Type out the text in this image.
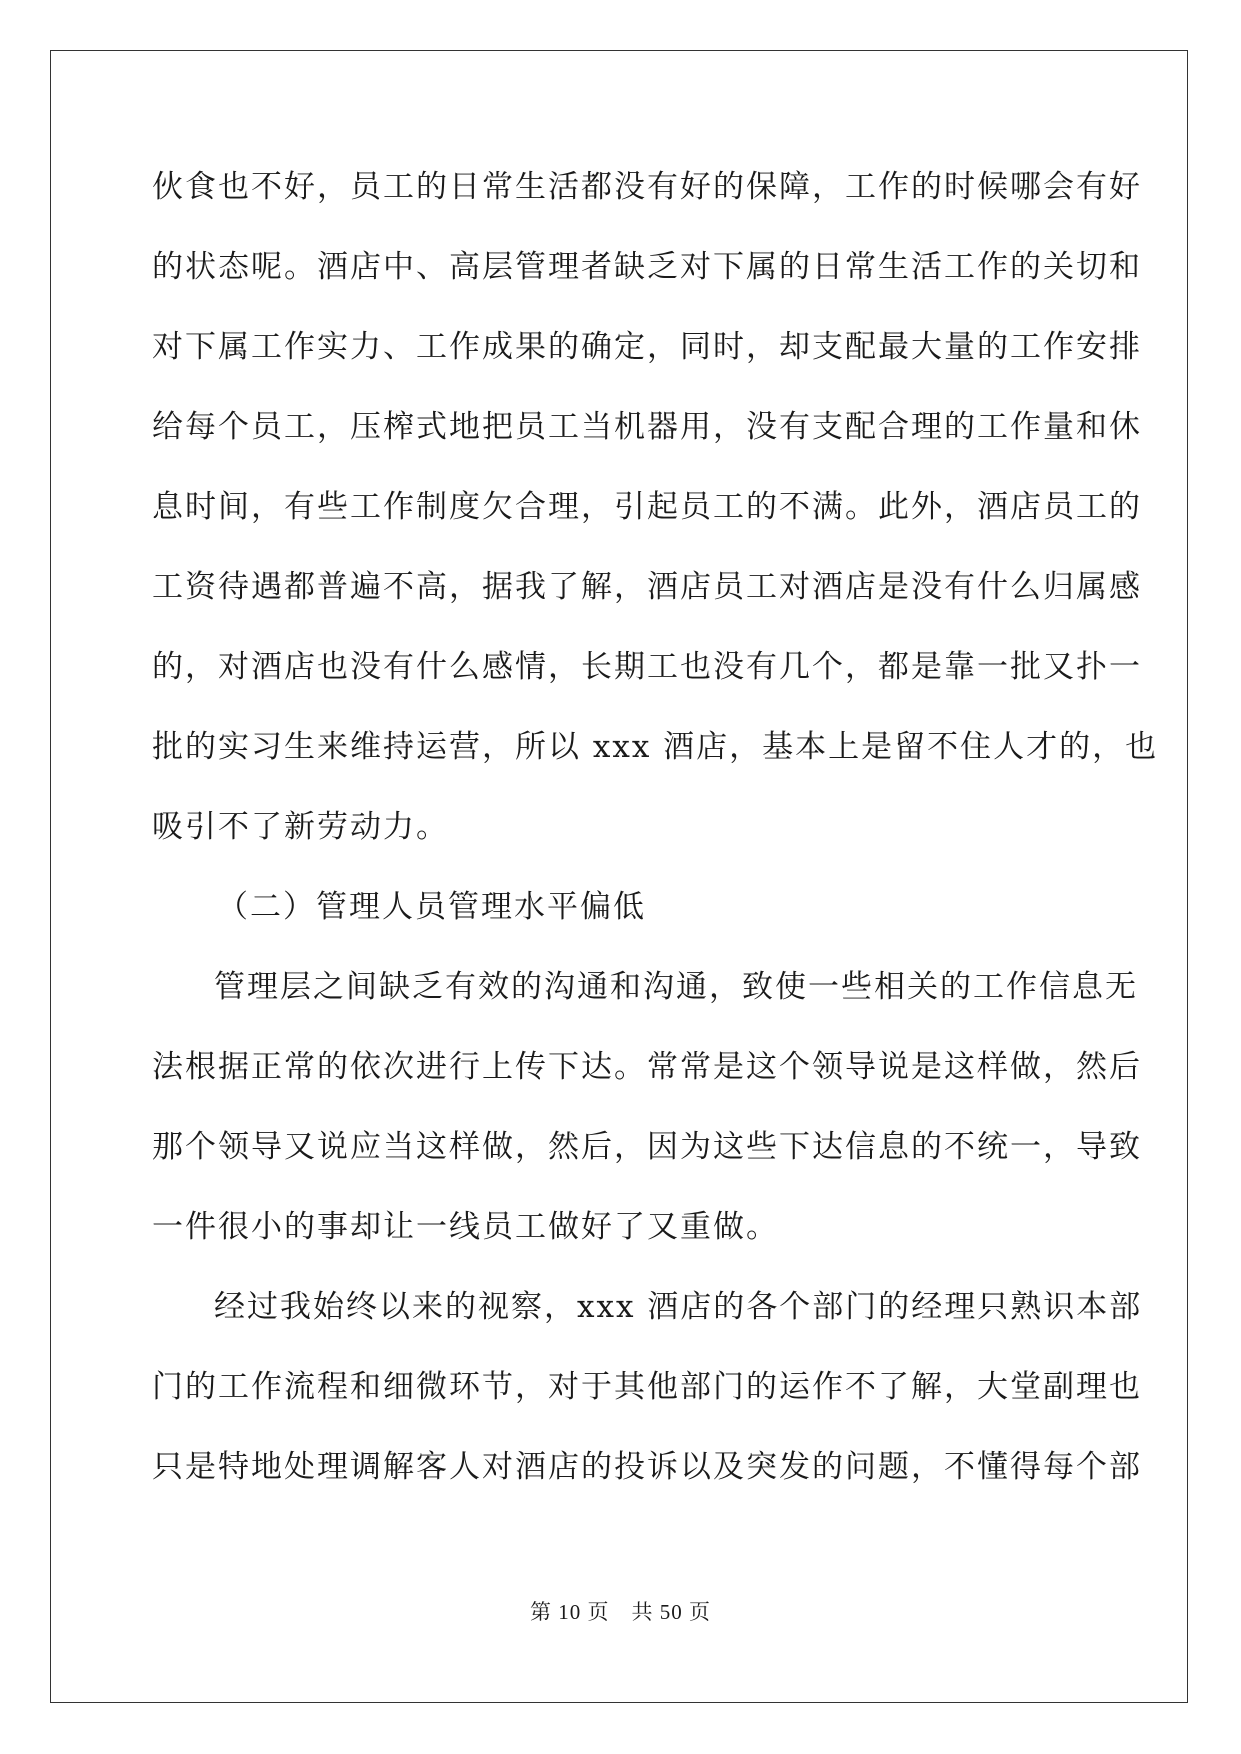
伙食也不好，员工的日常生活都没有好的保障，工作的时候哪会有好
的状态呢。酒店中、高层管理者缺乏对下属的日常生活工作的关切和
对下属工作实力、工作成果的确定，同时，却支配最大量的工作安排
给每个员工，压榨式地把员工当机器用，没有支配合理的工作量和休
息时间，有些工作制度欠合理，引起员工的不满。此外，酒店员工的
工资待遇都普遍不高，据我了解，酒店员工对酒店是没有什么归属感
的，对酒店也没有什么感情，长期工也没有几个，都是靠一批又扑一
批的实习生来维持运营，所以 xxx 酒店，基本上是留不住人才的，也
吸引不了新劳动力。
（二）管理人员管理水平偏低
管理层之间缺乏有效的沟通和沟通，致使一些相关的工作信息无
法根据正常的依次进行上传下达。常常是这个领导说是这样做，然后
那个领导又说应当这样做，然后，因为这些下达信息的不统一，导致
一件很小的事却让一线员工做好了又重做。
经过我始终以来的视察，xxx 酒店的各个部门的经理只熟识本部
门的工作流程和细微环节，对于其他部门的运作不了解，大堂副理也
只是特地处理调解客人对酒店的投诉以及突发的问题，不懂得每个部
第 10 页　共 50 页
